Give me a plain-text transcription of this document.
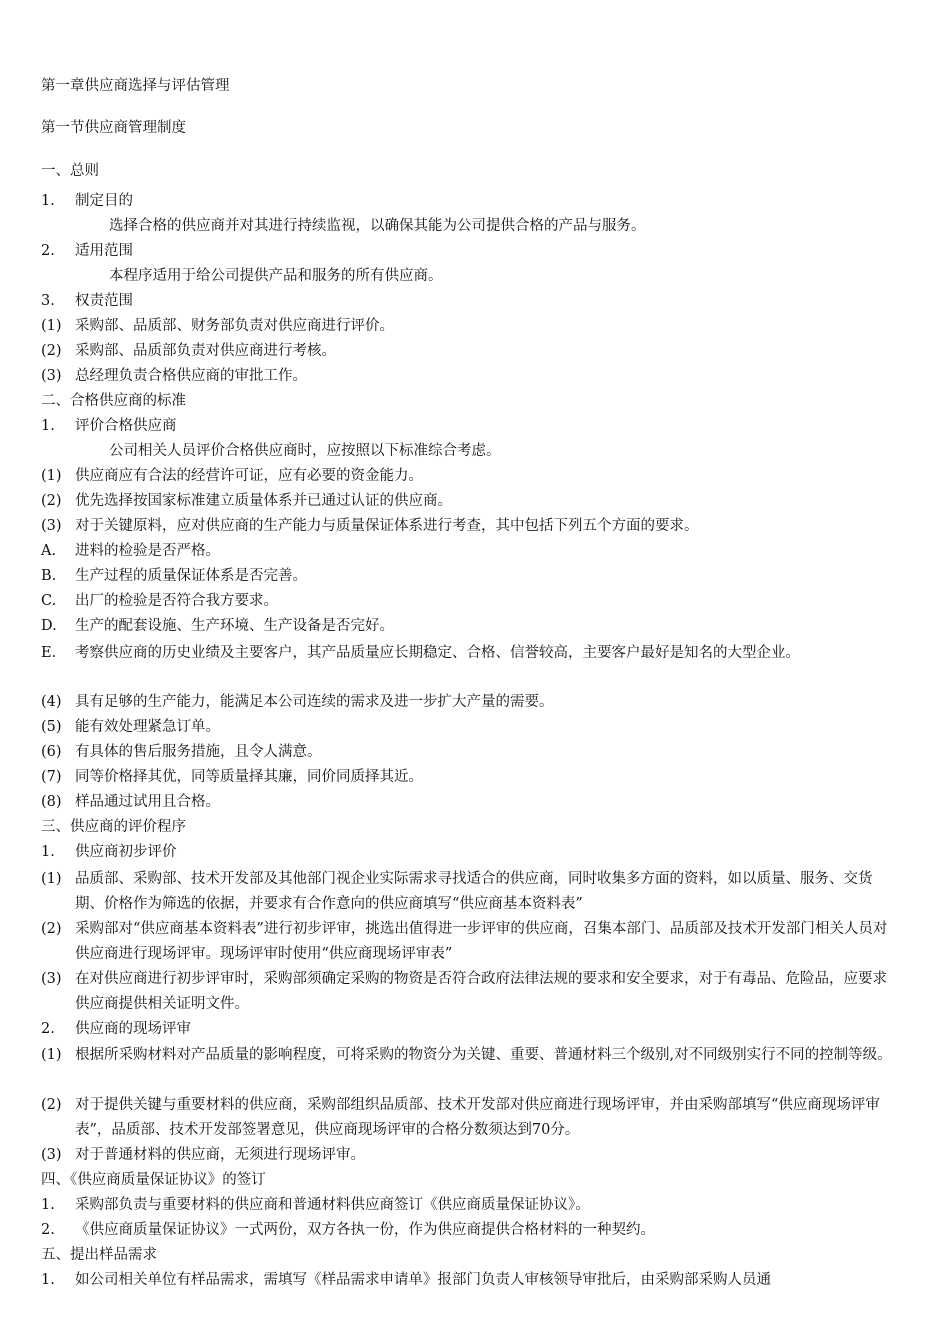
第一章供应商选择与评估管理
第一节供应商管理制度
一、总则
1. 制定目的
选择合格的供应商并对其进行持续监视，以确保其能为公司提供合格的产品与服务。
2. 适用范围
本程序适用于给公司提供产品和服务的所有供应商。
3. 权责范围
(1) 采购部、品质部、财务部负责对供应商进行评价。
(2) 采购部、品质部负责对供应商进行考核。
(3) 总经理负责合格供应商的审批工作。
二、合格供应商的标准
1. 评价合格供应商
公司相关人员评价合格供应商时，应按照以下标准综合考虑。
(1) 供应商应有合法的经营许可证，应有必要的资金能力。
(2) 优先选择按国家标准建立质量体系并已通过认证的供应商。
(3) 对于关键原料，应对供应商的生产能力与质量保证体系进行考查，其中包括下列五个方面的要求。
A. 进料的检验是否严格。
B. 生产过程的质量保证体系是否完善。
C. 出厂的检验是否符合我方要求。
D. 生产的配套设施、生产环境、生产设备是否完好。
E.	考察供应商的历史业绩及主要客户，其产品质量应长期稳定、合格、信誉较高，主要客户最好是知名的大型企业。
(4) 具有足够的生产能力，能满足本公司连续的需求及进一步扩大产量的需要。
(5) 能有效处理紧急订单。
(6) 有具体的售后服务措施，且令人满意。
(7) 同等价格择其优，同等质量择其廉，同价同质择其近。
(8) 样品通过试用且合格。
三、供应商的评价程序
1. 供应商初步评价
(1) 品质部、采购部、技术开发部及其他部门视企业实际需求寻找适合的供应商，同时收集多方面的资料，如以质量、服务、交货期、价格作为筛选的依据，并要求有合作意向的供应商填写“供应商基本资料表”
(2) 采购部对“供应商基本资料表”进行初步评审，挑选出值得进一步评审的供应商，召集本部门、品质部及技术开发部门相关人员对供应商进行现场评审。现场评审时使用“供应商现场评审表”
(3) 在对供应商进行初步评审时，采购部须确定采购的物资是否符合政府法律法规的要求和安全要求，对于有毒品、危险品，应要求供应商提供相关证明文件。
2. 供应商的现场评审
(1) 根据所采购材料对产品质量的影响程度，可将采购的物资分为关键、重要、普通材料三个级别,对不同级别实行不同的控制等级。
(2) 对于提供关键与重要材料的供应商，采购部组织品质部、技术开发部对供应商进行现场评审，并由采购部填写“供应商现场评审表”，品质部、技术开发部签署意见，供应商现场评审的合格分数须达到70分。
(3) 对于普通材料的供应商，无须进行现场评审。
四、《供应商质量保证协议》的签订
1. 采购部负责与重要材料的供应商和普通材料供应商签订《供应商质量保证协议》。
2. 《供应商质量保证协议》一式两份，双方各执一份，作为供应商提供合格材料的一种契约。
五、提出样品需求
1. 如公司相关单位有样品需求，需填写《样品需求申请单》报部门负责人审核领导审批后，由采购部采购人员通
